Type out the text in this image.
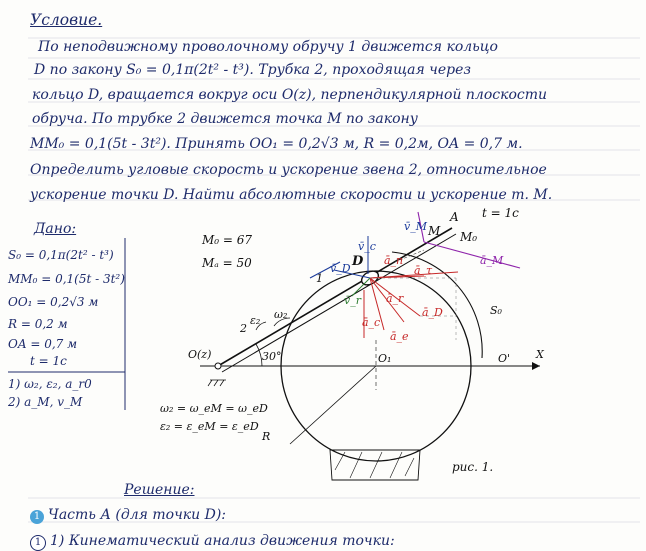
Условие.
По неподвижному проволочному обручу 1 движется кольцо
D по закону S₀ = 0,1π(2t² - t³). Трубка 2, проходящая через
кольцо D, вращается вокруг оси O(z), перпендикулярной плоскости
обруча. По трубке 2 движется точка M по закону
MM₀ = 0,1(5t - 3t²). Принять OO₁ = 0,2√3 м, R = 0,2м, OA = 0,7 м.
Определить угловые скорость и ускорение звена 2, относительное
ускорение точки D. Найти абсолютные скорости и ускорение т. M.
Дано:
S₀ = 0,1π(2t² - t³)
MM₀ = 0,1(5t - 3t²)
OO₁ = 0,2√3 м
R = 0,2 м
OA = 0,7 м
t = 1с
1) ω₂, ε₂, a_r0
2) a_M, v_M
M₀ = 67
Mₐ = 50
t = 1с
A
M M₀
D
O(z)	O₁	O' X
30°
1
2
ε₂ ω₂
R
S₀
ω₂ = ω_eM = ω_eD
ε₂ = ε_eM = ε_eD
рис. 1.
v̄_M
v̄_c
v̄_D
ā_M
v̄_r
ā_n
ā_τ
ā_r
ā_c
ā_D
ā_e
Решение:
1 Часть А (для точки D):
1 1) Кинематический анализ движения точки:
